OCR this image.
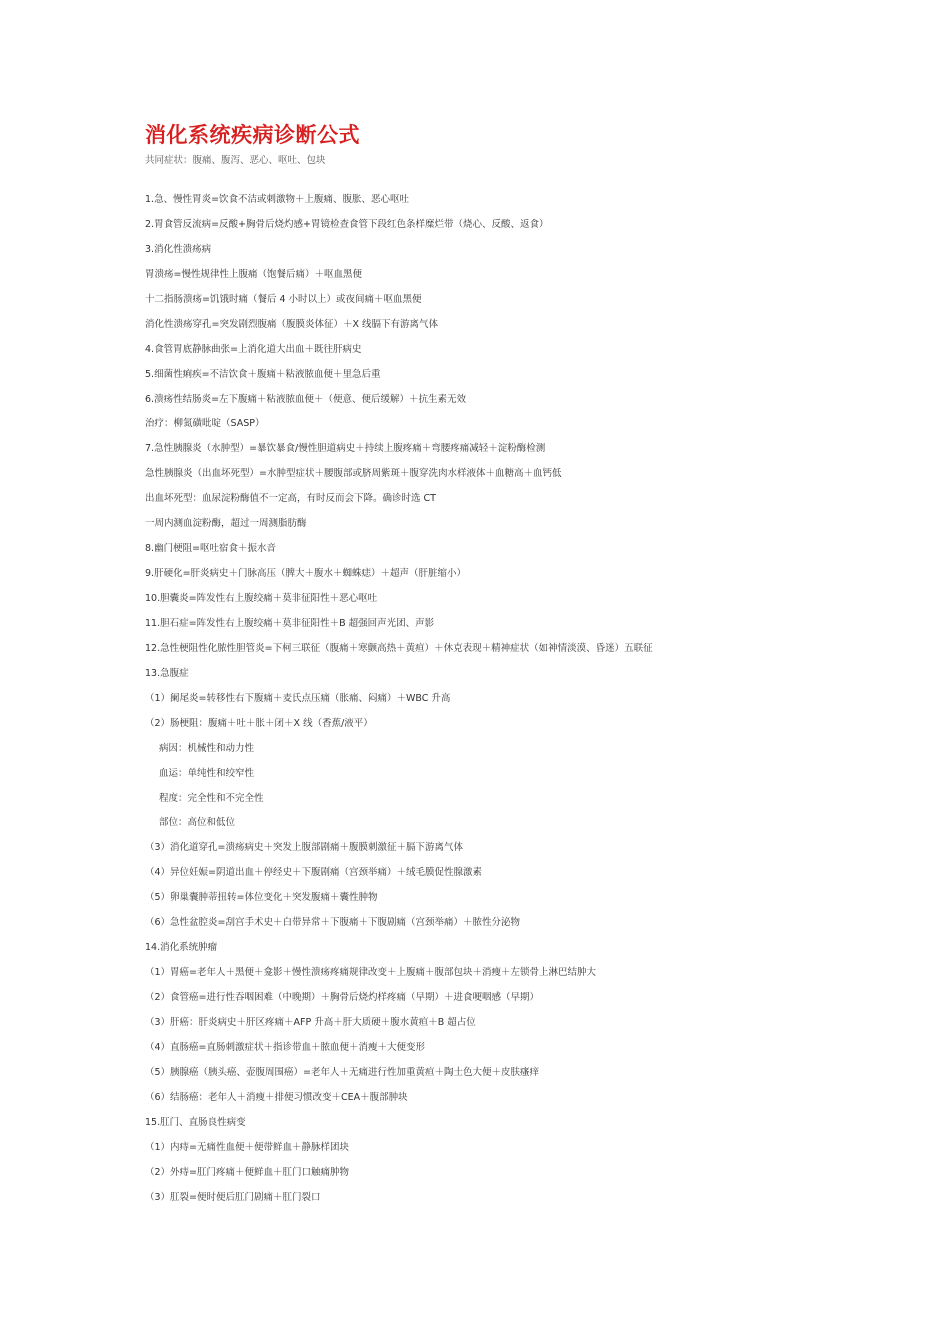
消化系统疾病诊断公式
共同症状：腹痛、腹泻、恶心、呕吐、包块
1.急、慢性胃炎=饮食不洁或刺激物＋上腹痛、腹胀、恶心呕吐
2.胃食管反流病=反酸+胸骨后烧灼感+胃镜检查食管下段红色条样糜烂带（烧心、反酸、返食）
3.消化性溃疡病
胃溃疡=慢性规律性上腹痛（饱餐后痛）＋呕血黑便
十二指肠溃疡=饥饿时痛（餐后 4 小时以上）或夜间痛＋呕血黑便
消化性溃疡穿孔=突发剧烈腹痛（腹膜炎体征）＋X 线膈下有游离气体
4.食管胃底静脉曲张=上消化道大出血＋既往肝病史
5.细菌性痢疾=不洁饮食＋腹痛＋粘液脓血便＋里急后重
6.溃疡性结肠炎=左下腹痛＋粘液脓血便＋（便意、便后缓解）＋抗生素无效
治疗：柳氮磺吡啶（SASP）
7.急性胰腺炎（水肿型）=暴饮暴食/慢性胆道病史＋持续上腹疼痛＋弯腰疼痛减轻＋淀粉酶检测
急性胰腺炎（出血坏死型）=水肿型症状＋腰腹部或脐周紫斑＋腹穿洗肉水样液体＋血糖高＋血钙低
出血坏死型：血尿淀粉酶值不一定高，有时反而会下降。确诊时选 CT
一周内测血淀粉酶，超过一周测脂肪酶
8.幽门梗阻=呕吐宿食＋振水音
9.肝硬化=肝炎病史＋门脉高压（脾大＋腹水＋蜘蛛痣）＋超声（肝脏缩小）
10.胆囊炎=阵发性右上腹绞痛＋莫非征阳性＋恶心呕吐
11.胆石症=阵发性右上腹绞痛＋莫非征阳性＋B 超强回声光团、声影
12.急性梗阻性化脓性胆管炎=下柯三联征（腹痛＋寒颤高热＋黄疸）＋休克表现＋精神症状（如神情淡漠、昏迷）五联征
13.急腹症
（1）阑尾炎=转移性右下腹痛＋麦氏点压痛（胀痛、闷痛）＋WBC 升高
（2）肠梗阻：腹痛＋吐＋胀＋闭＋X 线（香蕉/液平）
病因：机械性和动力性
血运：单纯性和绞窄性
程度：完全性和不完全性
部位：高位和低位
（3）消化道穿孔=溃疡病史＋突发上腹部剧痛＋腹膜刺激征＋膈下游离气体
（4）异位妊娠=阴道出血＋停经史＋下腹剧痛（宫颈举痛）＋绒毛膜促性腺激素
（5）卵巢囊肿蒂扭转=体位变化＋突发腹痛＋囊性肿物
（6）急性盆腔炎=刮宫手术史＋白带异常＋下腹痛＋下腹剧痛（宫颈举痛）＋脓性分泌物
14.消化系统肿瘤
（1）胃癌=老年人＋黑便＋龛影＋慢性溃疡疼痛规律改变＋上腹痛＋腹部包块＋消瘦＋左锁骨上淋巴结肿大
（2）食管癌=进行性吞咽困难（中晚期）＋胸骨后烧灼样疼痛（早期）＋进食哽咽感（早期）
（3）肝癌：肝炎病史＋肝区疼痛＋AFP 升高＋肝大质硬＋腹水黄疸＋B 超占位
（4）直肠癌=直肠刺激症状＋指诊带血＋脓血便＋消瘦＋大便变形
（5）胰腺癌（胰头癌、壶腹周围癌）=老年人＋无痛进行性加重黄疸＋陶土色大便＋皮肤瘙痒
（6）结肠癌：老年人＋消瘦＋排便习惯改变＋CEA＋腹部肿块
15.肛门、直肠良性病变
（1）内痔=无痛性血便＋便带鲜血＋静脉样团块
（2）外痔=肛门疼痛＋便鲜血＋肛门口触痛肿物
（3）肛裂=便时便后肛门剧痛＋肛门裂口
